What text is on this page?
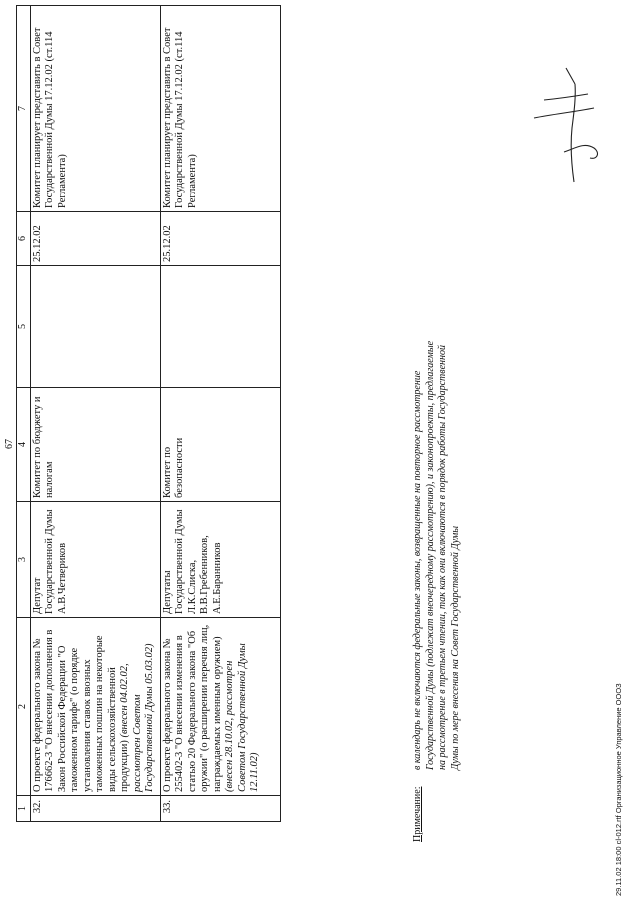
67
1	2	3	4	5	6	7
32.	О проекте федерального закона № 176662-3 "О внесении дополнения в Закон Российской Федерации "О таможенном тарифе" (о порядке установления ставок ввозных таможенных пошлин на некоторые виды сельскохозяйственной продукции) (внесен 04.02.02, рассмотрен Советом Государственной Думы 05.03.02)	Депутат Государственной Думы А.В.Четвериков	Комитет по бюджету и налогам		25.12.02	Комитет планирует представить в Совет Государственной Думы 17.12.02 (ст.114 Регламента)
33.	О проекте федерального закона № 255402-3 "О внесении изменения в статью 20 Федерального закона "Об оружии" (о расширении перечня лиц, награждаемых именным оружием) (внесен 28.10.02, рассмотрен Советом Государственной Думы 12.11.02)	Депутаты Государственной Думы Л.К.Слиска, В.В.Гребенников, А.Е.Баранников	Комитет по безопасности		25.12.02	Комитет планирует представить в Совет Государственной Думы 17.12.02 (ст.114 Регламента)
Примечание:
в календарь не включаются федеральные законы, возвращенные на повторное рассмотрение Государственной Думы (подлежат внеочередному рассмотрению), и законопроекты, предлагаемые на рассмотрение в третьем чтении, так как они включаются в порядок работы Государственной Думы по мере внесения на Совет Государственной Думы
29.11.02 18:00 cl-012.rtf Организационное Управление ОООЗ
